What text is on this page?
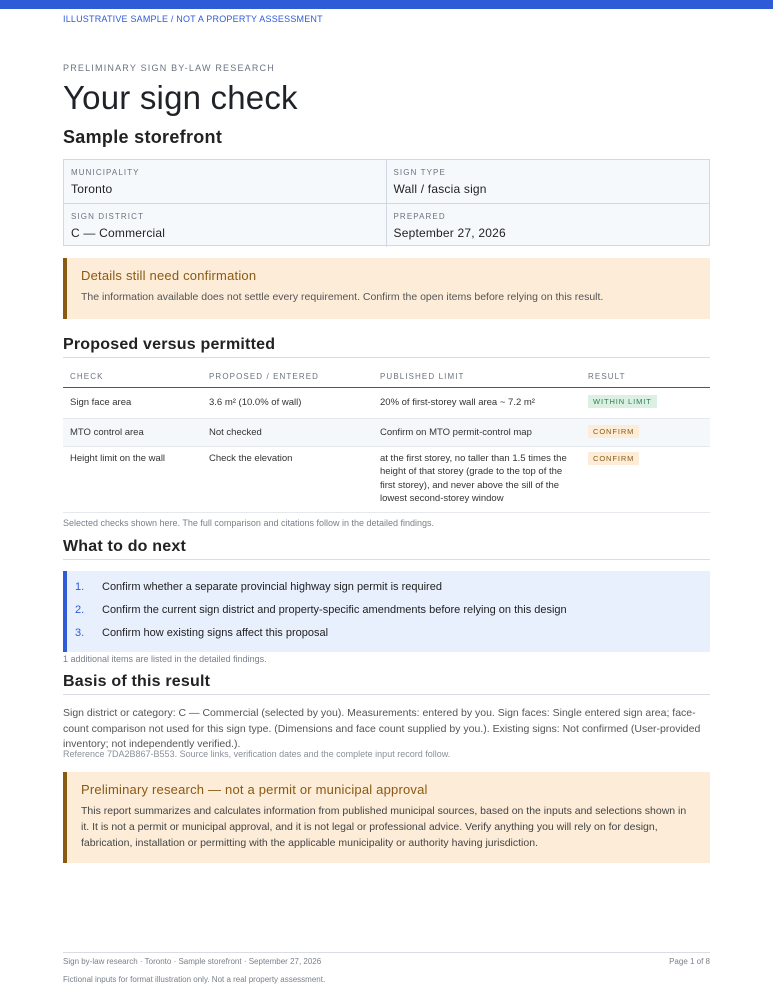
ILLUSTRATIVE SAMPLE / NOT A PROPERTY ASSESSMENT
PRELIMINARY SIGN BY-LAW RESEARCH
Your sign check
Sample storefront
MUNICIPALITY
Toronto
SIGN TYPE
Wall / fascia sign
SIGN DISTRICT
C — Commercial
PREPARED
September 27, 2026
Details still need confirmation
The information available does not settle every requirement. Confirm the open items before relying on this result.
Proposed versus permitted
CHECK	PROPOSED / ENTERED	PUBLISHED LIMIT	RESULT
Sign face area	3.6 m² (10.0% of wall)	20% of first-storey wall area ~ 7.2 m²	WITHIN LIMIT
MTO control area	Not checked	Confirm on MTO permit-control map	CONFIRM
Height limit on the wall	Check the elevation	at the first storey, no taller than 1.5 times the height of that storey (grade to the top of the first storey), and never above the sill of the lowest second-storey window	CONFIRM
Selected checks shown here. The full comparison and citations follow in the detailed findings.
What to do next
1.	Confirm whether a separate provincial highway sign permit is required
2.	Confirm the current sign district and property-specific amendments before relying on this design
3.	Confirm how existing signs affect this proposal
1 additional items are listed in the detailed findings.
Basis of this result

Sign district or category: C — Commercial (selected by you). Measurements: entered by you. Sign faces: Single entered sign area; face-count comparison not used for this sign type. (Dimensions and face count supplied by you.). Existing signs: Not confirmed (User-provided inventory; not independently verified.).

Reference 7DA2B867-B553. Source links, verification dates and the complete input record follow.
Preliminary research — not a permit or municipal approval
This report summarizes and calculates information from published municipal sources, based on the inputs and selections shown in it. It is not a permit or municipal approval, and it is not legal or professional advice. Verify anything you will rely on for design, fabrication, installation or permitting with the applicable municipality or authority having jurisdiction.
Sign by-law research · Toronto · Sample storefront · September 27, 2026	Page 1 of 8
Fictional inputs for format illustration only. Not a real property assessment.
